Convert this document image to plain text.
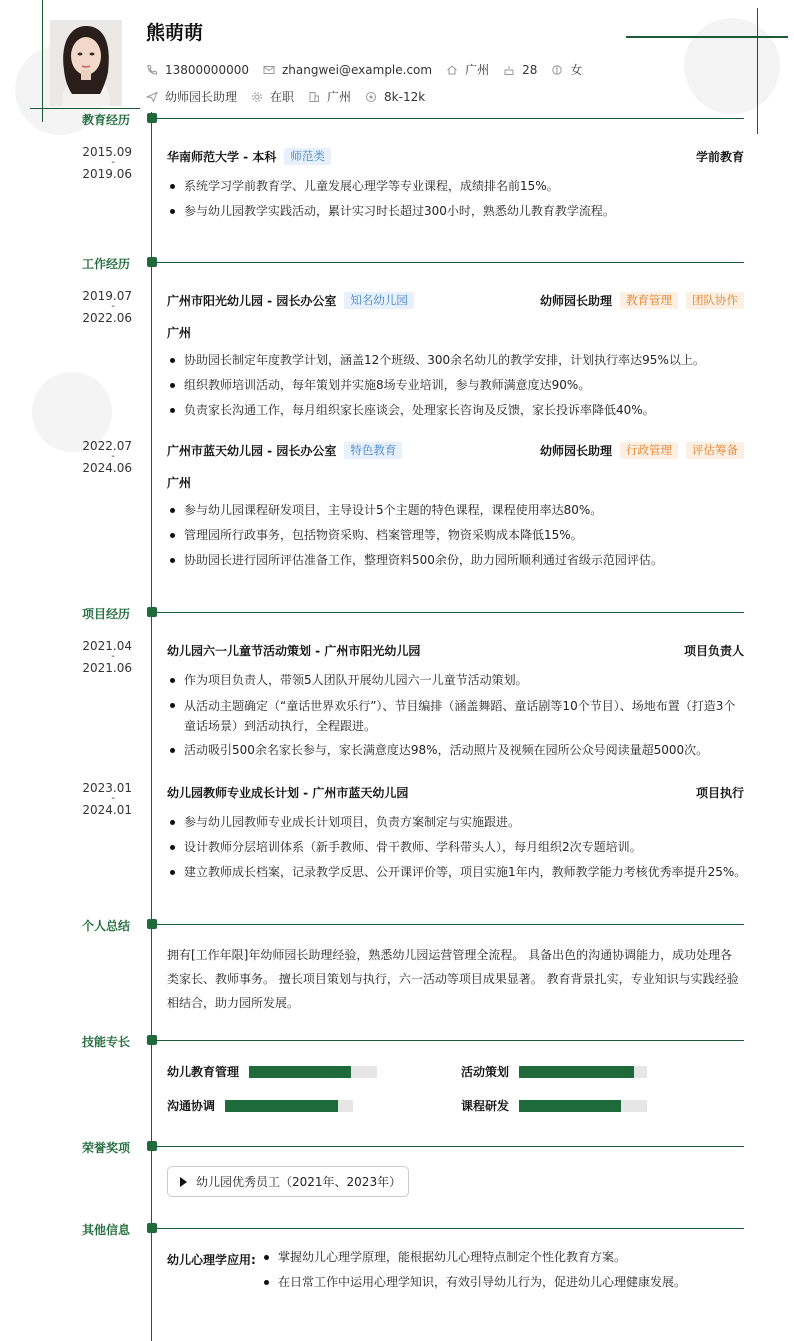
熊萌萌
13800000000	zhangwei@example.com	广州	28	女
幼师园长助理	在职	广州	8k-12k
教育经历
2015.09
-
2019.06
华南师范大学 - 本科	师范类	学前教育
系统学习学前教育学、儿童发展心理学等专业课程，成绩排名前15%。
参与幼儿园教学实践活动，累计实习时长超过300小时，熟悉幼儿教育教学流程。
工作经历
2019.07
-
2022.06
广州市阳光幼儿园 - 园长办公室	知名幼儿园	幼师园长助理	教育管理	团队协作
广州
协助园长制定年度教学计划，涵盖12个班级、300余名幼儿的教学安排，计划执行率达95%以上。
组织教师培训活动，每年策划并实施8场专业培训，参与教师满意度达90%。
负责家长沟通工作，每月组织家长座谈会，处理家长咨询及反馈，家长投诉率降低40%。
2022.07
-
2024.06
广州市蓝天幼儿园 - 园长办公室	特色教育	幼师园长助理	行政管理	评估筹备
广州
参与幼儿园课程研发项目，主导设计5个主题的特色课程，课程使用率达80%。
管理园所行政事务，包括物资采购、档案管理等，物资采购成本降低15%。
协助园长进行园所评估准备工作，整理资料500余份，助力园所顺利通过省级示范园评估。
项目经历
2021.04
-
2021.06
幼儿园六一儿童节活动策划 - 广州市阳光幼儿园	项目负责人
作为项目负责人，带领5人团队开展幼儿园六一儿童节活动策划。
从活动主题确定（“童话世界欢乐行”）、节目编排（涵盖舞蹈、童话剧等10个节目）、场地布置（打造3个童话场景）到活动执行，全程跟进。
活动吸引500余名家长参与，家长满意度达98%，活动照片及视频在园所公众号阅读量超5000次。
2023.01
-
2024.01
幼儿园教师专业成长计划 - 广州市蓝天幼儿园	项目执行
参与幼儿园教师专业成长计划项目，负责方案制定与实施跟进。
设计教师分层培训体系（新手教师、骨干教师、学科带头人），每月组织2次专题培训。
建立教师成长档案，记录教学反思、公开课评价等，项目实施1年内，教师教学能力考核优秀率提升25%。
个人总结
拥有[工作年限]年幼师园长助理经验，熟悉幼儿园运营管理全流程。 具备出色的沟通协调能力，成功处理各类家长、教师事务。 擅长项目策划与执行，六一活动等项目成果显著。 教育背景扎实，专业知识与实践经验相结合，助力园所发展。
技能专长
幼儿教育管理	活动策划
沟通协调	课程研发
荣誉奖项
幼儿园优秀员工（2021年、2023年）
其他信息
幼儿心理学应用:	掌握幼儿心理学原理，能根据幼儿心理特点制定个性化教育方案。
在日常工作中运用心理学知识，有效引导幼儿行为，促进幼儿心理健康发展。
